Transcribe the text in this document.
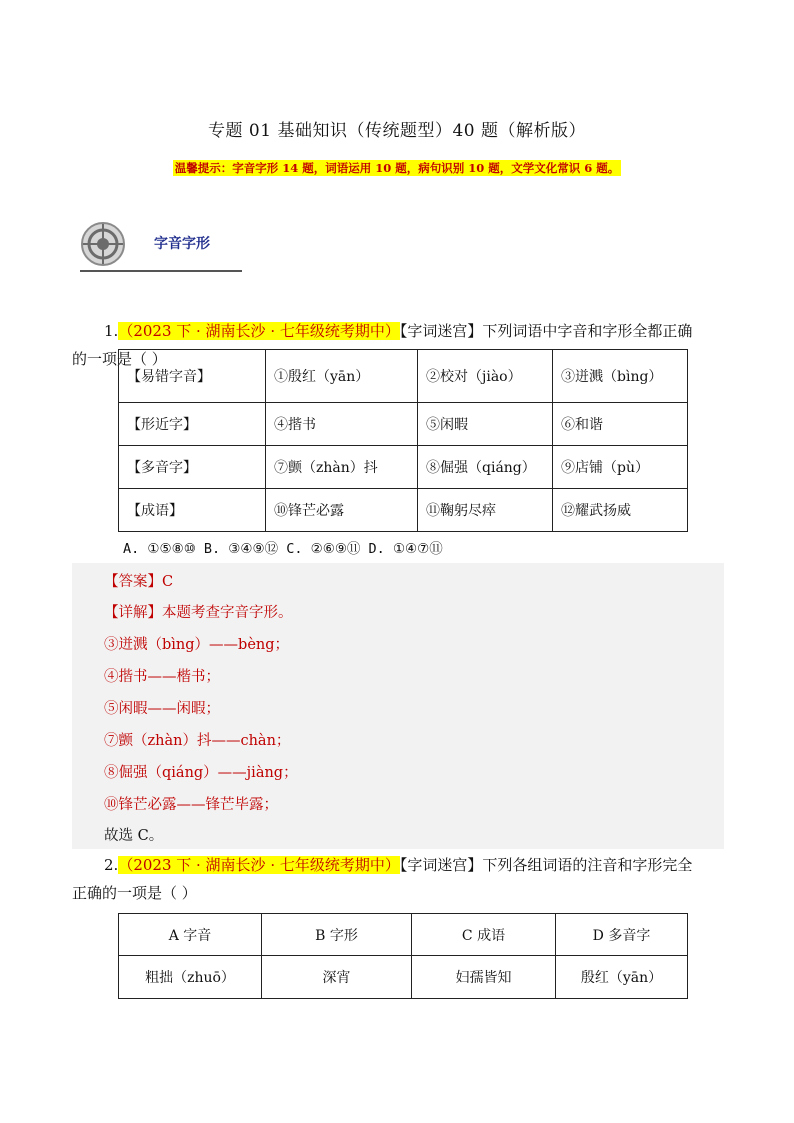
专题 01 基础知识（传统题型）40 题（解析版）
温馨提示：字音字形 14 题，词语运用 10 题，病句识别 10 题，文学文化常识 6 题。
字音字形
1.（2023 下 · 湖南长沙 · 七年级统考期中）【字词迷宫】下列词语中字音和字形全都正确
的一项是（ ）
【易错字音】	①殷红（yān）	②校对（jiào）	③迸溅（bìng）
【形近字】	④揩书	⑤闲暇	⑥和谐
【多音字】	⑦颤（zhàn）抖	⑧倔强（qiáng）	⑨店铺（pù）
【成语】	⑩锋芒必露	⑪鞠躬尽瘁	⑫耀武扬威
A. ①⑤⑧⑩ B. ③④⑨⑫ C. ②⑥⑨⑪ D. ①④⑦⑪
【答案】C
【详解】本题考查字音字形。
③迸溅（bìng）——bèng；
④揩书——楷书；
⑤闲暇——闲暇；
⑦颤（zhàn）抖——chàn；
⑧倔强（qiáng）——jiàng；
⑩锋芒必露——锋芒毕露；
故选 C。
2.（2023 下 · 湖南长沙 · 七年级统考期中）【字词迷宫】下列各组词语的注音和字形完全
正确的一项是（ ）
A 字音	B 字形	C 成语	D 多音字
粗拙（zhuō）	深宵	妇孺皆知	殷红（yān）
